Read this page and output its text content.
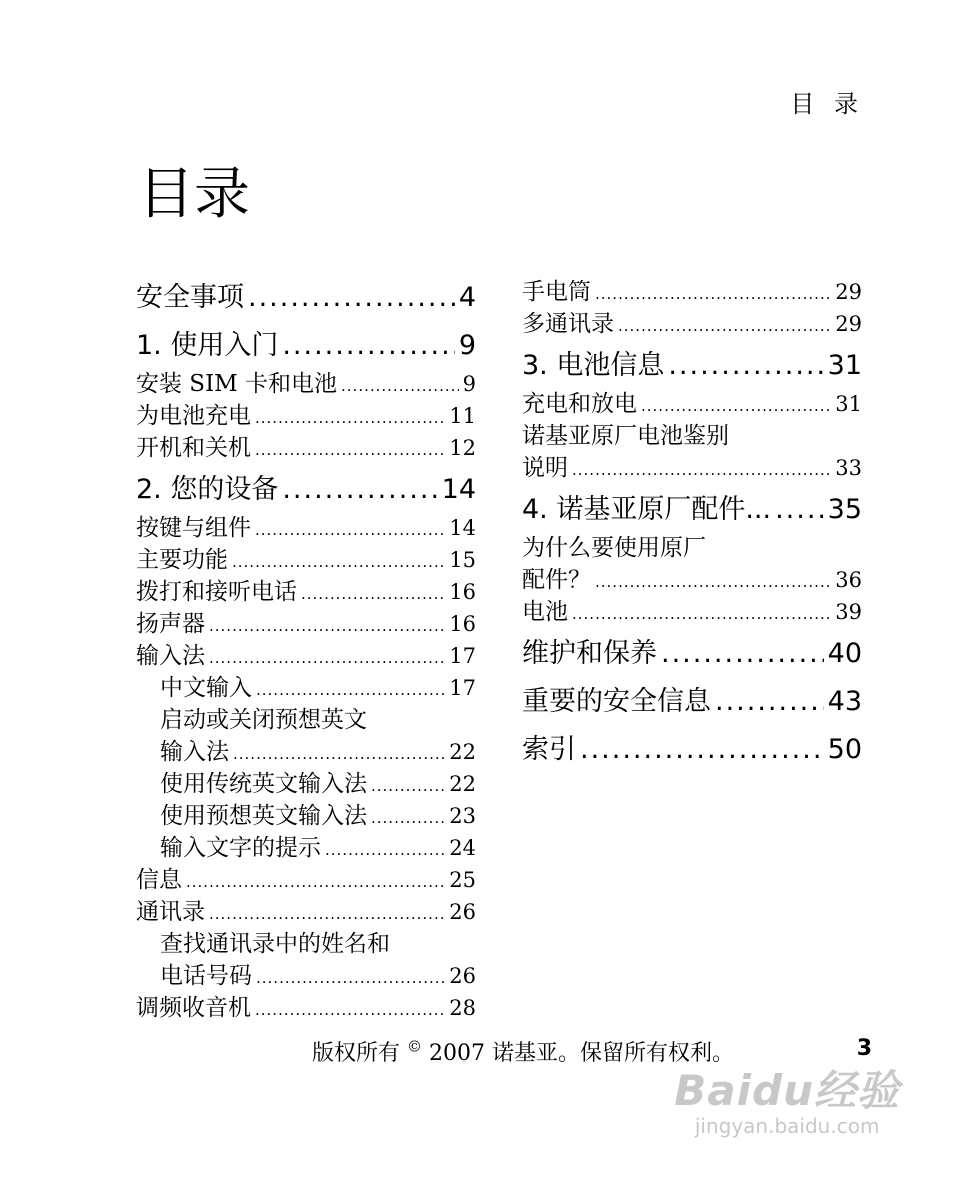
目 录
目录
安全事项 .....	4
1. 使用入门 .....	9
安装 SIM 卡和电池 .....	9
为电池充电 .....	11
开机和关机 .....	12
2. 您的设备 .....	14
按键与组件 .....	14
主要功能 .....	15
拨打和接听电话 .....	16
扬声器 .....	16
输入法 .....	17
中文输入 .....	17
启动或关闭预想英文
输入法 .....	22
使用传统英文输入法 .....	22
使用预想英文输入法 .....	23
输入文字的提示 .....	24
信息 .....	25
通讯录 .....	26
查找通讯录中的姓名和
电话号码 .....	26
调频收音机 .....	28
手电筒 .....	29
多通讯录 .....	29
3. 电池信息 .....	31
充电和放电 .....	31
诺基亚原厂电池鉴别
说明 .....	33
4. 诺基亚原厂配件... ..... 35
为什么要使用原厂
配件？ .....	36
电池 .....	39
维护和保养 .....	40
重要的安全信息 .....	43
索引 .....	50
版权所有 © 2007 诺基亚。保留所有权利。	3
Baidu经验
jingyan.baidu.com
